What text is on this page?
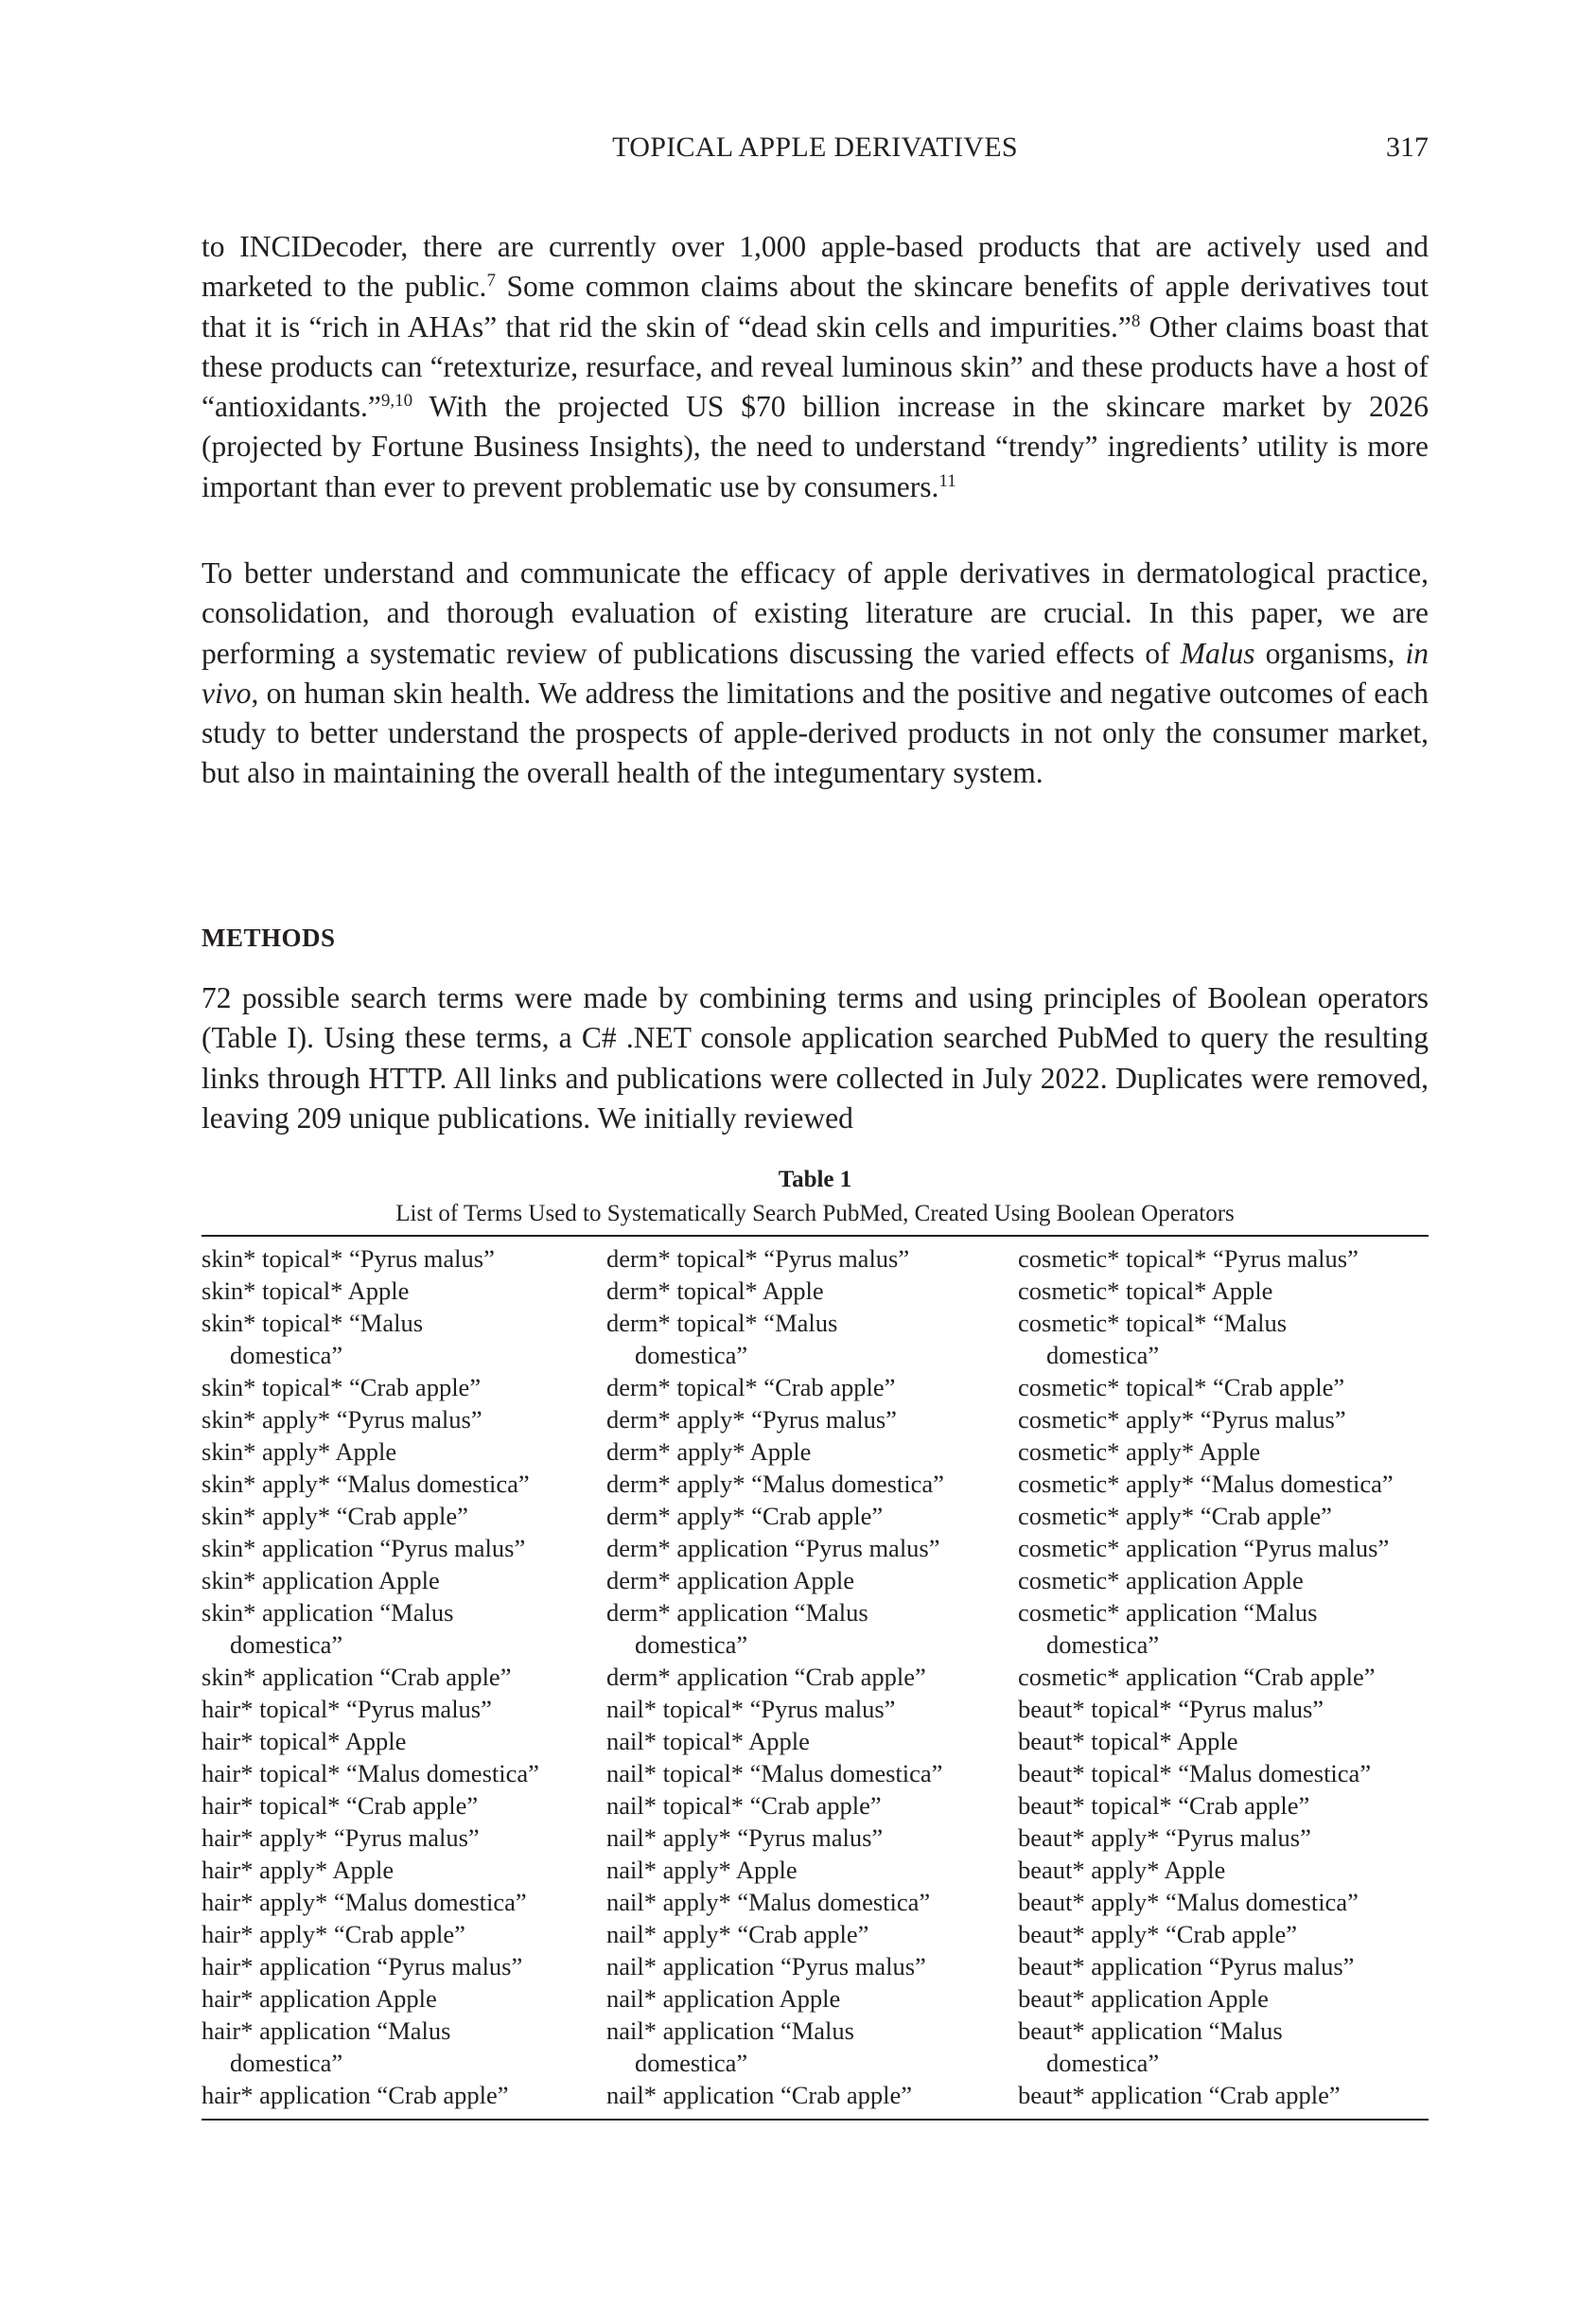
TOPICAL APPLE DERIVATIVES	317

to INCIDecoder, there are currently over 1,000 apple-based products that are actively used and marketed to the public.$^7$ Some common claims about the skincare benefits of apple derivatives tout that it is “rich in AHAs” that rid the skin of “dead skin cells and impurities.”$^8$ Other claims boast that these products can “retexturize, resurface, and reveal luminous skin” and these products have a host of “antioxidants.”$^{9,10}$ With the projected US $70 billion increase in the skincare market by 2026 (projected by Fortune Business Insights), the need to understand “trendy” ingredients’ utility is more important than ever to prevent problematic use by consumers.$^{11}$

To better understand and communicate the efficacy of apple derivatives in dermatological practice, consolidation, and thorough evaluation of existing literature are crucial. In this paper, we are performing a systematic review of publications discussing the varied effects of Malus organisms, in vivo, on human skin health. We address the limitations and the positive and negative outcomes of each study to better understand the prospects of apple-derived products in not only the consumer market, but also in maintaining the overall health of the integumentary system.

METHODS

72 possible search terms were made by combining terms and using principles of Boolean operators (Table I). Using these terms, a C# .NET console application searched PubMed to query the resulting links through HTTP. All links and publications were collected in July 2022. Duplicates were removed, leaving 209 unique publications. We initially reviewed

Table 1

List of Terms Used to Systematically Search PubMed, Created Using Boolean Operators

skin* topical* “Pyrus malus”
skin* topical* Apple
skin* topical* “Malus
domestica”
skin* topical* “Crab apple”
skin* apply* “Pyrus malus”
skin* apply* Apple
skin* apply* “Malus domestica”
skin* apply* “Crab apple”
skin* application “Pyrus malus”
skin* application Apple
skin* application “Malus
domestica”
skin* application “Crab apple”
hair* topical* “Pyrus malus”
hair* topical* Apple
hair* topical* “Malus domestica”
hair* topical* “Crab apple”
hair* apply* “Pyrus malus”
hair* apply* Apple
hair* apply* “Malus domestica”
hair* apply* “Crab apple”
hair* application “Pyrus malus”
hair* application Apple
hair* application “Malus
domestica”
hair* application “Crab apple”
derm* topical* “Pyrus malus”
derm* topical* Apple
derm* topical* “Malus
domestica”
derm* topical* “Crab apple”
derm* apply* “Pyrus malus”
derm* apply* Apple
derm* apply* “Malus domestica”
derm* apply* “Crab apple”
derm* application “Pyrus malus”
derm* application Apple
derm* application “Malus
domestica”
derm* application “Crab apple”
nail* topical* “Pyrus malus”
nail* topical* Apple
nail* topical* “Malus domestica”
nail* topical* “Crab apple”
nail* apply* “Pyrus malus”
nail* apply* Apple
nail* apply* “Malus domestica”
nail* apply* “Crab apple”
nail* application “Pyrus malus”
nail* application Apple
nail* application “Malus
domestica”
nail* application “Crab apple”
cosmetic* topical* “Pyrus malus”
cosmetic* topical* Apple
cosmetic* topical* “Malus
domestica”
cosmetic* topical* “Crab apple”
cosmetic* apply* “Pyrus malus”
cosmetic* apply* Apple
cosmetic* apply* “Malus domestica”
cosmetic* apply* “Crab apple”
cosmetic* application “Pyrus malus”
cosmetic* application Apple
cosmetic* application “Malus
domestica”
cosmetic* application “Crab apple”
beaut* topical* “Pyrus malus”
beaut* topical* Apple
beaut* topical* “Malus domestica”
beaut* topical* “Crab apple”
beaut* apply* “Pyrus malus”
beaut* apply* Apple
beaut* apply* “Malus domestica”
beaut* apply* “Crab apple”
beaut* application “Pyrus malus”
beaut* application Apple
beaut* application “Malus
domestica”
beaut* application “Crab apple”
